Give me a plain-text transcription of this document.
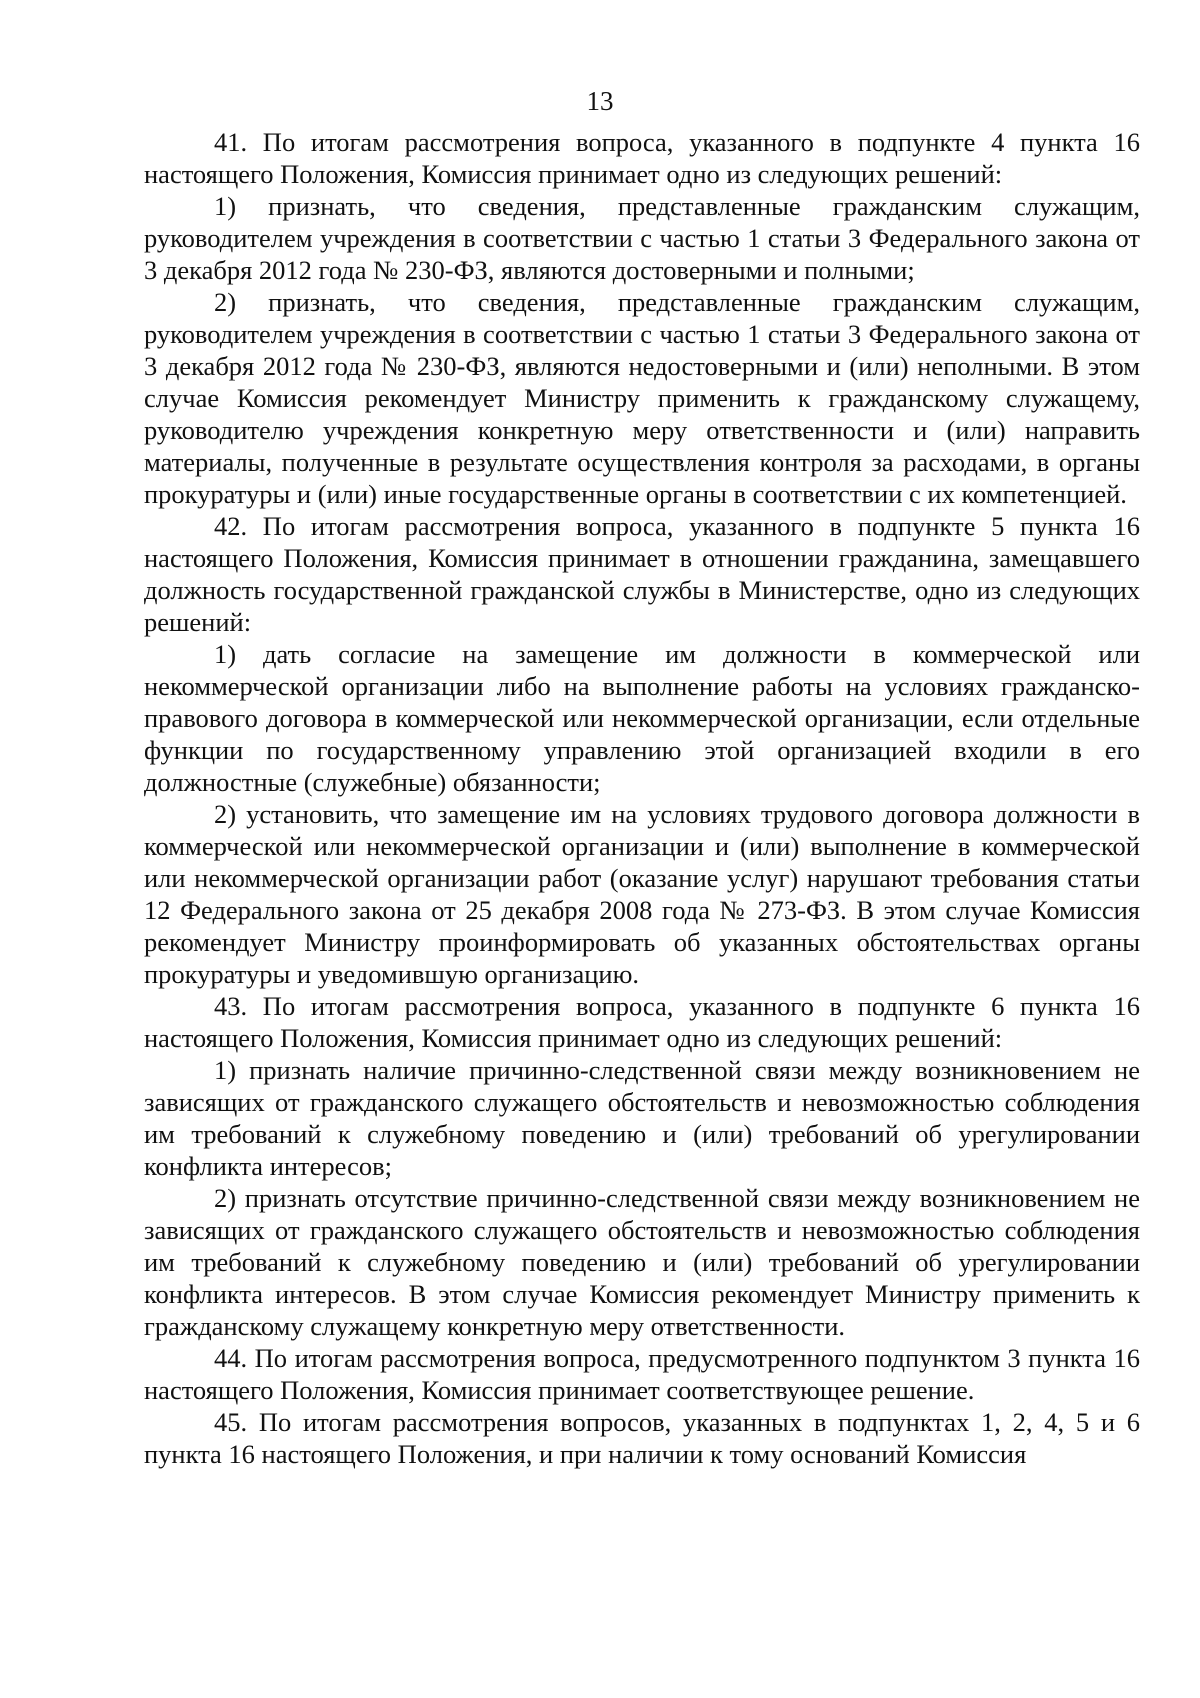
13

41. По итогам рассмотрения вопроса, указанного в подпункте 4 пункта 16 настоящего Положения, Комиссия принимает одно из следующих решений:

1) признать, что сведения, представленные гражданским служащим, руководителем учреждения в соответствии с частью 1 статьи 3 Федерального закона от 3 декабря 2012 года № 230-ФЗ, являются достоверными и полными;

2) признать, что сведения, представленные гражданским служащим, руководителем учреждения в соответствии с частью 1 статьи 3 Федерального закона от 3 декабря 2012 года № 230-ФЗ, являются недостоверными и (или) неполными. В этом случае Комиссия рекомендует Министру применить к гражданскому служащему, руководителю учреждения конкретную меру ответственности и (или) направить материалы, полученные в результате осуществления контроля за расходами, в органы прокуратуры и (или) иные государственные органы в соответствии с их компетенцией.

42. По итогам рассмотрения вопроса, указанного в подпункте 5 пункта 16 настоящего Положения, Комиссия принимает в отношении гражданина, замещавшего должность государственной гражданской службы в Министерстве, одно из следующих решений:

1) дать согласие на замещение им должности в коммерческой или некоммерческой организации либо на выполнение работы на условиях гражданско-правового договора в коммерческой или некоммерческой организации, если отдельные функции по государственному управлению этой организацией входили в его должностные (служебные) обязанности;

2) установить, что замещение им на условиях трудового договора должности в коммерческой или некоммерческой организации и (или) выполнение в коммерческой или некоммерческой организации работ (оказание услуг) нарушают требования статьи 12 Федерального закона от 25 декабря 2008 года № 273-ФЗ. В этом случае Комиссия рекомендует Министру проинформировать об указанных обстоятельствах органы прокуратуры и уведомившую организацию.

43. По итогам рассмотрения вопроса, указанного в подпункте 6 пункта 16 настоящего Положения, Комиссия принимает одно из следующих решений:

1) признать наличие причинно-следственной связи между возникновением не зависящих от гражданского служащего обстоятельств и невозможностью соблюдения им требований к служебному поведению и (или) требований об урегулировании конфликта интересов;

2) признать отсутствие причинно-следственной связи между возникновением не зависящих от гражданского служащего обстоятельств и невозможностью соблюдения им требований к служебному поведению и (или) требований об урегулировании конфликта интересов. В этом случае Комиссия рекомендует Министру применить к гражданскому служащему конкретную меру ответственности.

44. По итогам рассмотрения вопроса, предусмотренного подпунктом 3 пункта 16 настоящего Положения, Комиссия принимает соответствующее решение.

45. По итогам рассмотрения вопросов, указанных в подпунктах 1, 2, 4, 5 и 6 пункта 16 настоящего Положения, и при наличии к тому оснований Комиссия
